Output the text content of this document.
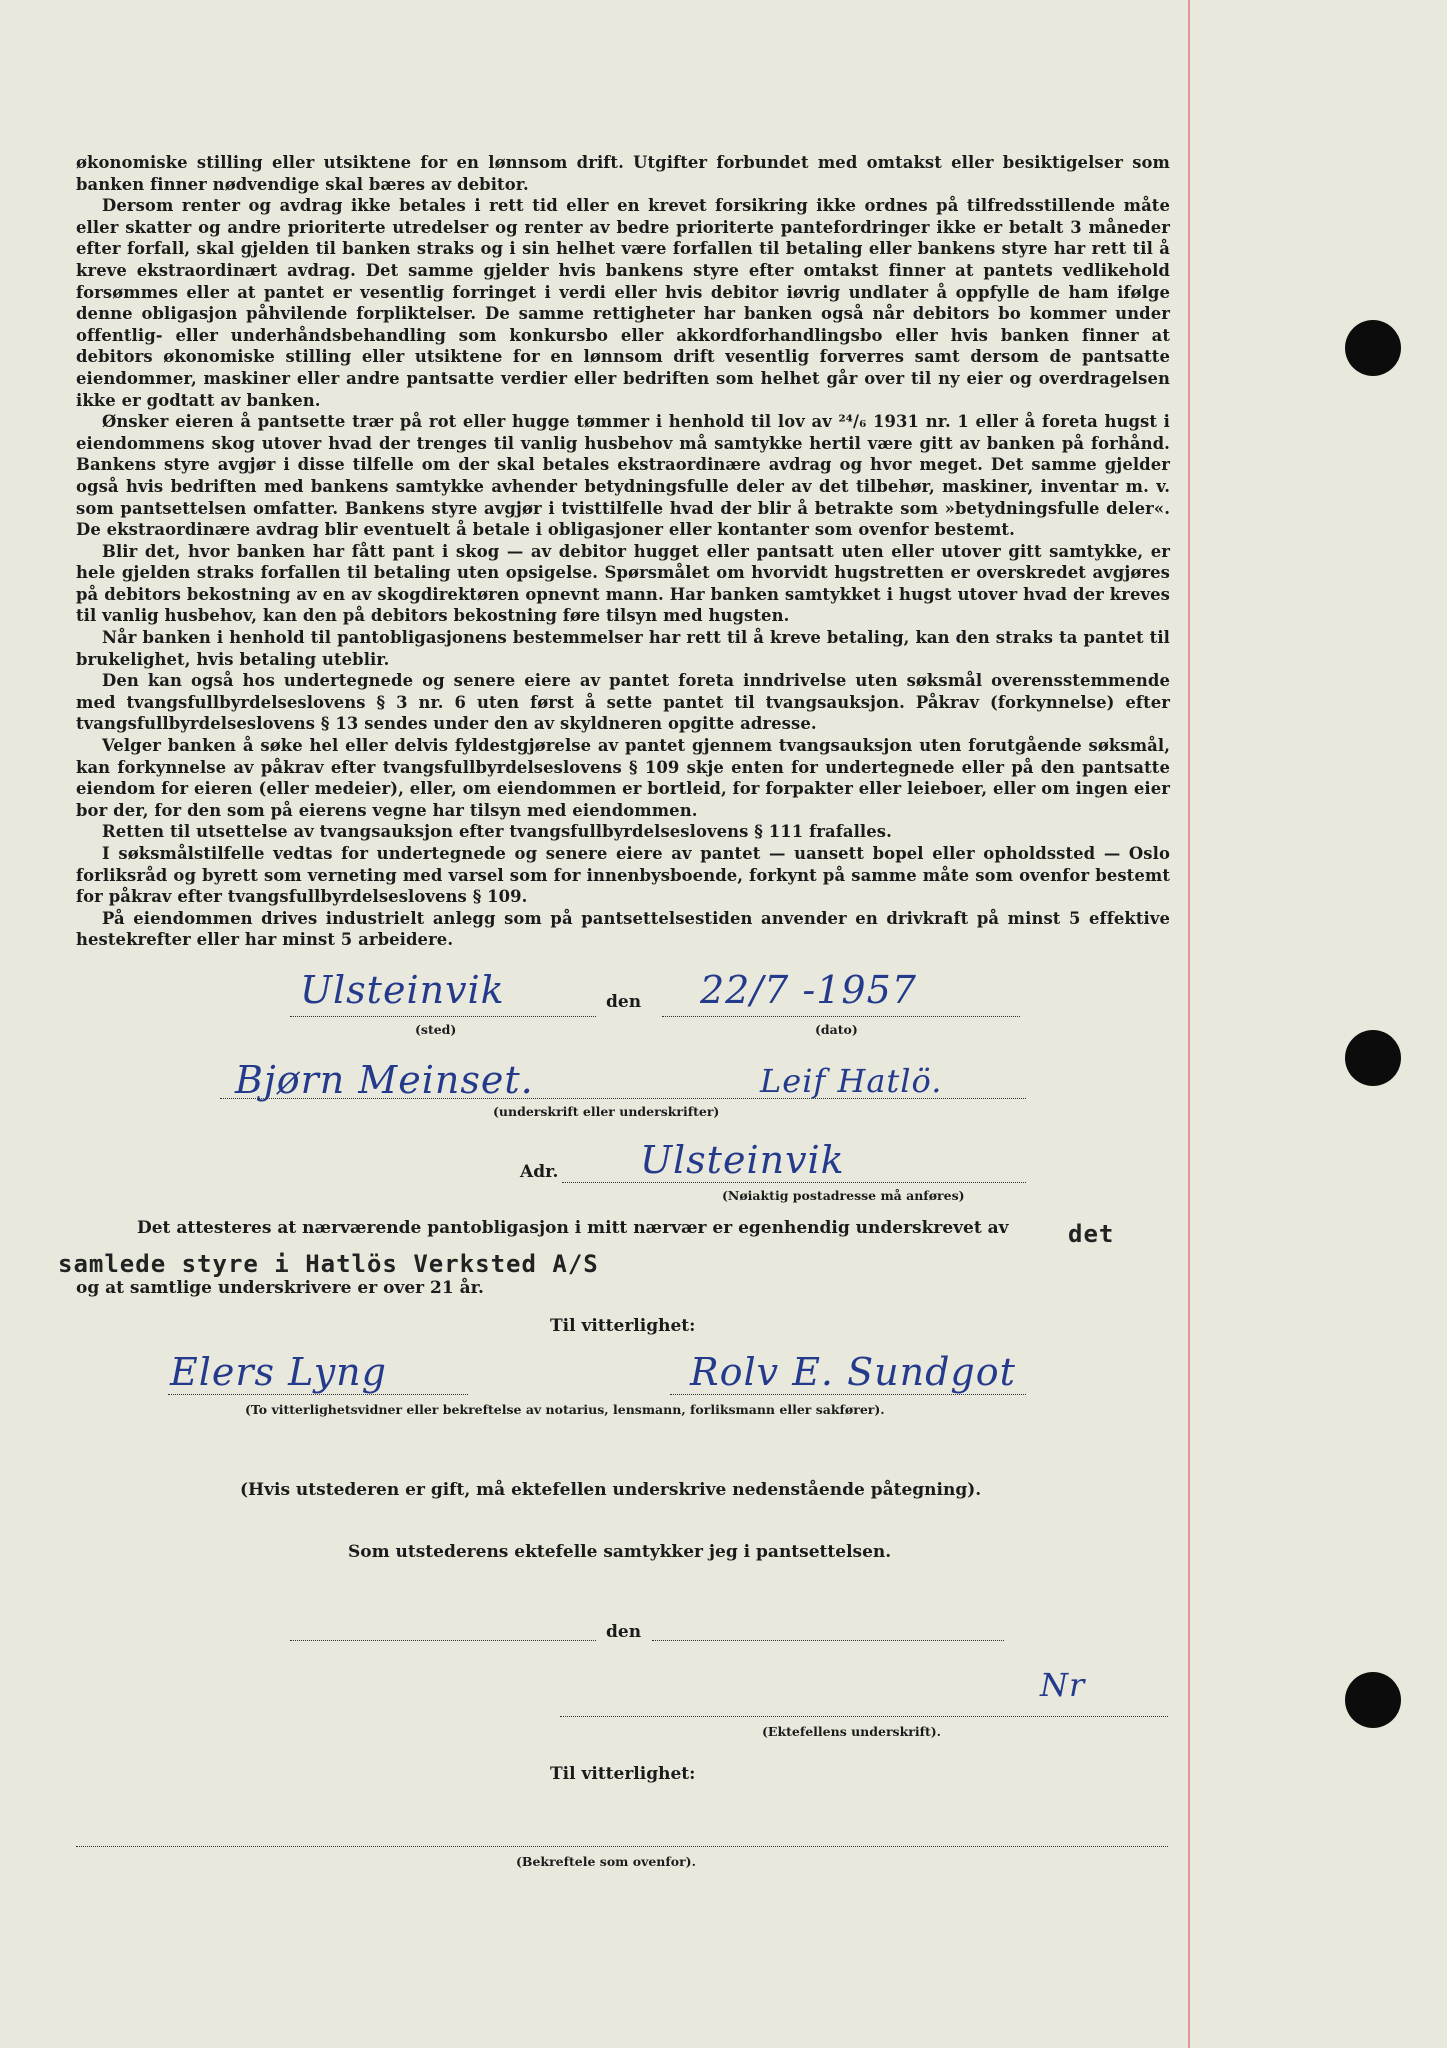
økonomiske stilling eller utsiktene for en lønnsom drift. Utgifter forbundet med omtakst eller besiktigelser som banken finner nødvendige skal bæres av debitor.

Dersom renter og avdrag ikke betales i rett tid eller en krevet forsikring ikke ordnes på tilfredsstillende måte eller skatter og andre prioriterte utredelser og renter av bedre prioriterte pantefordringer ikke er betalt 3 måneder efter forfall, skal gjelden til banken straks og i sin helhet være forfallen til betaling eller bankens styre har rett til å kreve ekstraordinært avdrag. Det samme gjelder hvis bankens styre efter omtakst finner at pantets vedlikehold forsømmes eller at pantet er vesentlig forringet i verdi eller hvis debitor iøvrig undlater å oppfylle de ham ifølge denne obligasjon påhvilende forpliktelser. De samme rettigheter har banken også når debitors bo kommer under offentlig- eller underhåndsbehandling som konkursbo eller akkordforhandlingsbo eller hvis banken finner at debitors økonomiske stilling eller utsiktene for en lønnsom drift vesentlig forverres samt dersom de pantsatte eiendommer, maskiner eller andre pantsatte verdier eller bedriften som helhet går over til ny eier og overdragelsen ikke er godtatt av banken.

Ønsker eieren å pantsette trær på rot eller hugge tømmer i henhold til lov av ²⁴/₆ 1931 nr. 1 eller å foreta hugst i eiendommens skog utover hvad der trenges til vanlig husbehov må samtykke hertil være gitt av banken på forhånd. Bankens styre avgjør i disse tilfelle om der skal betales ekstraordinære avdrag og hvor meget. Det samme gjelder også hvis bedriften med bankens samtykke avhender betydningsfulle deler av det tilbehør, maskiner, inventar m. v. som pantsettelsen omfatter. Bankens styre avgjør i tvisttilfelle hvad der blir å betrakte som »betydningsfulle deler«. De ekstraordinære avdrag blir eventuelt å betale i obligasjoner eller kontanter som ovenfor bestemt.

Blir det, hvor banken har fått pant i skog — av debitor hugget eller pantsatt uten eller utover gitt samtykke, er hele gjelden straks forfallen til betaling uten opsigelse. Spørsmålet om hvorvidt hugstretten er overskredet avgjøres på debitors bekostning av en av skogdirektøren opnevnt mann. Har banken samtykket i hugst utover hvad der kreves til vanlig husbehov, kan den på debitors bekostning føre tilsyn med hugsten.

Når banken i henhold til pantobligasjonens bestemmelser har rett til å kreve betaling, kan den straks ta pantet til brukelighet, hvis betaling uteblir.

Den kan også hos undertegnede og senere eiere av pantet foreta inndrivelse uten søksmål overensstemmende med tvangsfullbyrdelseslovens § 3 nr. 6 uten først å sette pantet til tvangsauksjon. Påkrav (forkynnelse) efter tvangsfullbyrdelseslovens § 13 sendes under den av skyldneren opgitte adresse.

Velger banken å søke hel eller delvis fyldestgjørelse av pantet gjennem tvangsauksjon uten forutgående søksmål, kan forkynnelse av påkrav efter tvangsfullbyrdelseslovens § 109 skje enten for undertegnede eller på den pantsatte eiendom for eieren (eller medeier), eller, om eiendommen er bortleid, for forpakter eller leieboer, eller om ingen eier bor der, for den som på eierens vegne har tilsyn med eiendommen.

Retten til utsettelse av tvangsauksjon efter tvangsfullbyrdelseslovens § 111 frafalles.

I søksmålstilfelle vedtas for undertegnede og senere eiere av pantet — uansett bopel eller opholdssted — Oslo forliksråd og byrett som verneting med varsel som for innenbysboende, forkynt på samme måte som ovenfor bestemt for påkrav efter tvangsfullbyrdelseslovens § 109.

På eiendommen drives industrielt anlegg som på pantsettelsestiden anvender en drivkraft på minst 5 effektive hestekrefter eller har minst 5 arbeidere.

Ulsteinvik	den 22/7 -1957
(sted)	(dato)
Bjørn Meinset.	Leif Hatlö.
(underskrift eller underskrifter)
Adr. Ulsteinvik
(Nøiaktig postadresse må anføres)
Det attesteres at nærværende pantobligasjon i mitt nærvær er egenhendig underskrevet av det
samlede styre i Hatlös Verksted A/S
og at samtlige underskrivere er over 21 år.
Til vitterlighet:
Elers Lyng	Rolv E. Sundgot
(To vitterlighetsvidner eller bekreftelse av notarius, lensmann, forliksmann eller sakfører).
(Hvis utstederen er gift, må ektefellen underskrive nedenstående påtegning).
Som utstederens ektefelle samtykker jeg i pantsettelsen.
den
Nr
(Ektefellens underskrift).
Til vitterlighet:
(Bekreftele som ovenfor).
